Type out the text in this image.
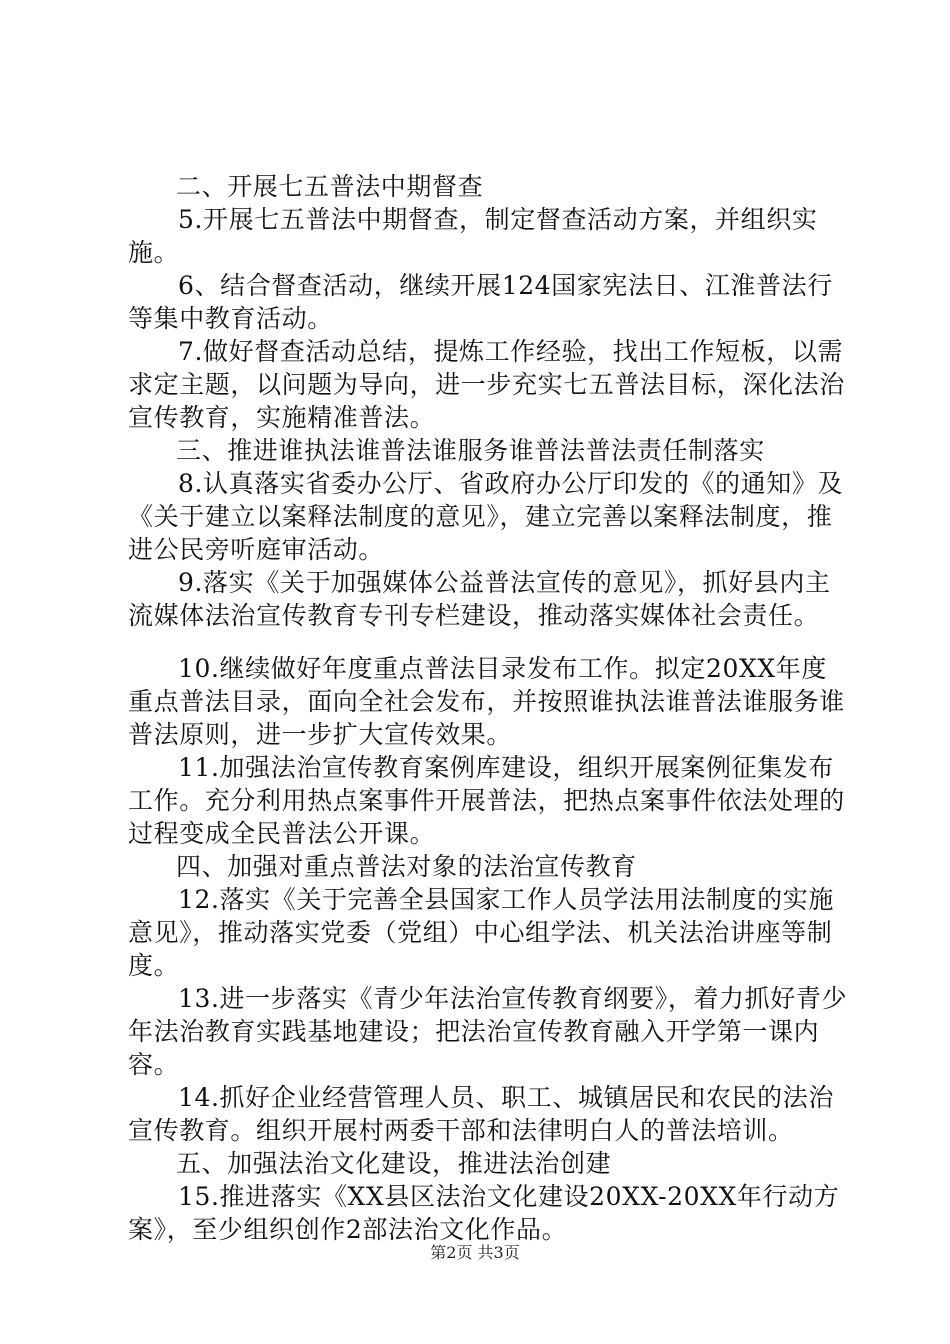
二、开展七五普法中期督查

5.开展七五普法中期督查，制定督查活动方案，并组织实施。

6、结合督查活动，继续开展124国家宪法日、江淮普法行等集中教育活动。

7.做好督查活动总结，提炼工作经验，找出工作短板，以需求定主题，以问题为导向，进一步充实七五普法目标，深化法治宣传教育，实施精准普法。

三、推进谁执法谁普法谁服务谁普法普法责任制落实

8.认真落实省委办公厅、省政府办公厅印发的《的通知》及《关于建立以案释法制度的意见》，建立完善以案释法制度，推进公民旁听庭审活动。

9.落实《关于加强媒体公益普法宣传的意见》，抓好县内主流媒体法治宣传教育专刊专栏建设，推动落实媒体社会责任。

10.继续做好年度重点普法目录发布工作。拟定20XX年度重点普法目录，面向全社会发布，并按照谁执法谁普法谁服务谁普法原则，进一步扩大宣传效果。

11.加强法治宣传教育案例库建设，组织开展案例征集发布工作。充分利用热点案事件开展普法，把热点案事件依法处理的过程变成全民普法公开课。

四、加强对重点普法对象的法治宣传教育

12.落实《关于完善全县国家工作人员学法用法制度的实施意见》，推动落实党委（党组）中心组学法、机关法治讲座等制度。

13.进一步落实《青少年法治宣传教育纲要》，着力抓好青少年法治教育实践基地建设；把法治宣传教育融入开学第一课内容。

14.抓好企业经营管理人员、职工、城镇居民和农民的法治宣传教育。组织开展村两委干部和法律明白人的普法培训。

五、加强法治文化建设，推进法治创建

15.推进落实《XX县区法治文化建设20XX-20XX年行动方案》，至少组织创作2部法治文化作品。

第2页 共3页
